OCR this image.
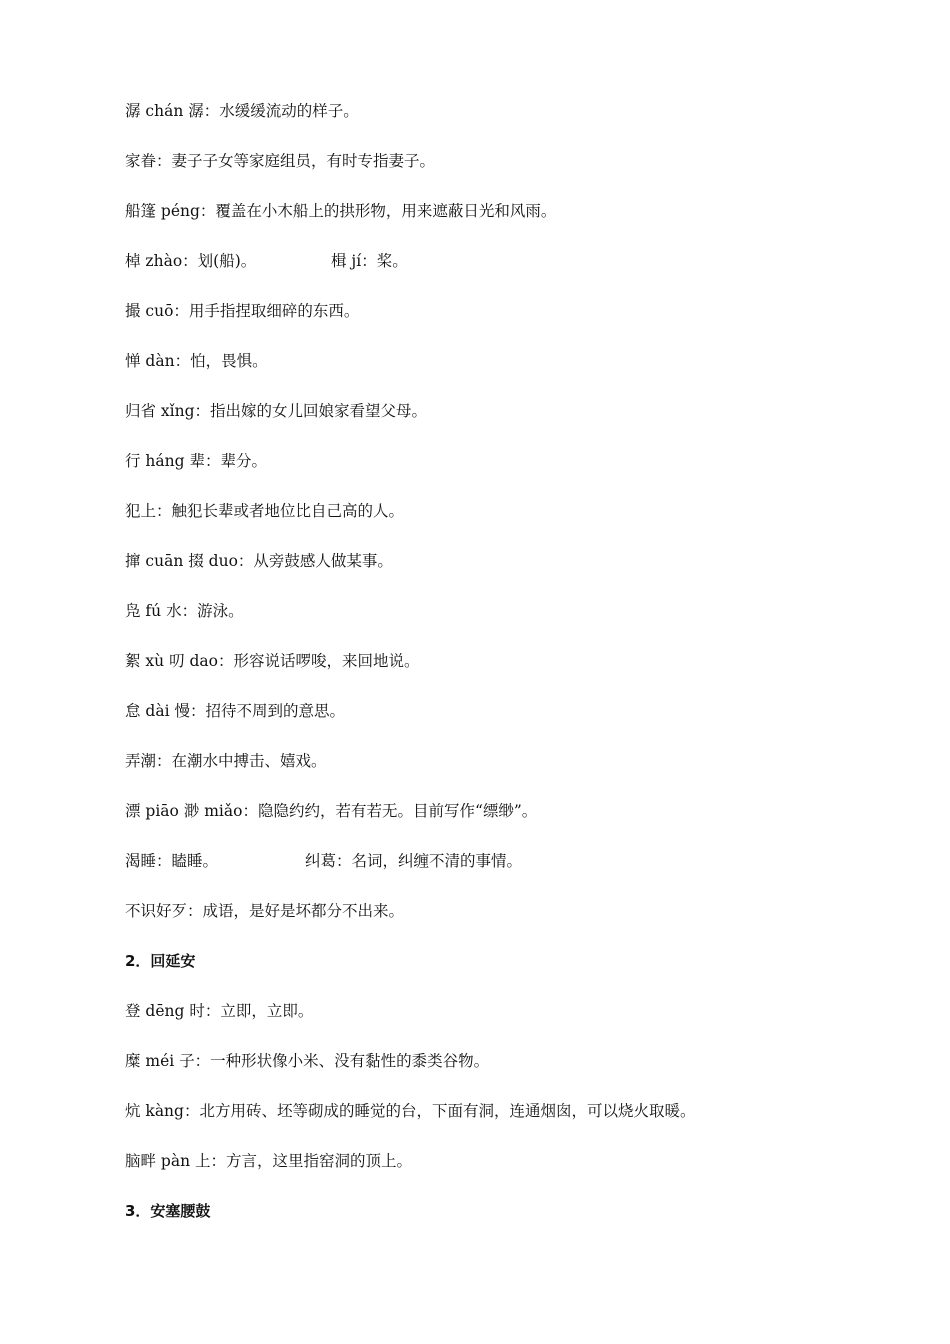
潺 chán 潺：水缓缓流动的样子。
家眷：妻子子女等家庭组员，有时专指妻子。
船篷 péng：覆盖在小木船上的拱形物，用来遮蔽日光和风雨。
棹 zhào：划(船)。	楫 jí：桨。
撮 cuō：用手指捏取细碎的东西。
惮 dàn：怕，畏惧。
归省 xǐng：指出嫁的女儿回娘家看望父母。
行 háng 辈：辈分。
犯上：触犯长辈或者地位比自己高的人。
撺 cuān 掇 duo：从旁鼓感人做某事。
凫 fú 水：游泳。
絮 xù 叨 dao：形容说话啰唆，来回地说。
怠 dài 慢：招待不周到的意思。
弄潮：在潮水中搏击、嬉戏。
漂 piāo 渺 miǎo：隐隐约约，若有若无。目前写作“缥缈”。
渴睡：瞌睡。	纠葛：名词，纠缠不清的事情。
不识好歹：成语，是好是坏都分不出来。
2．回延安
登 dēng 时：立即，立即。
糜 méi 子：一种形状像小米、没有黏性的黍类谷物。
炕 kàng：北方用砖、坯等砌成的睡觉的台，下面有洞，连通烟囱，可以烧火取暖。
脑畔 pàn 上：方言，这里指窑洞的顶上。
3．安塞腰鼓
